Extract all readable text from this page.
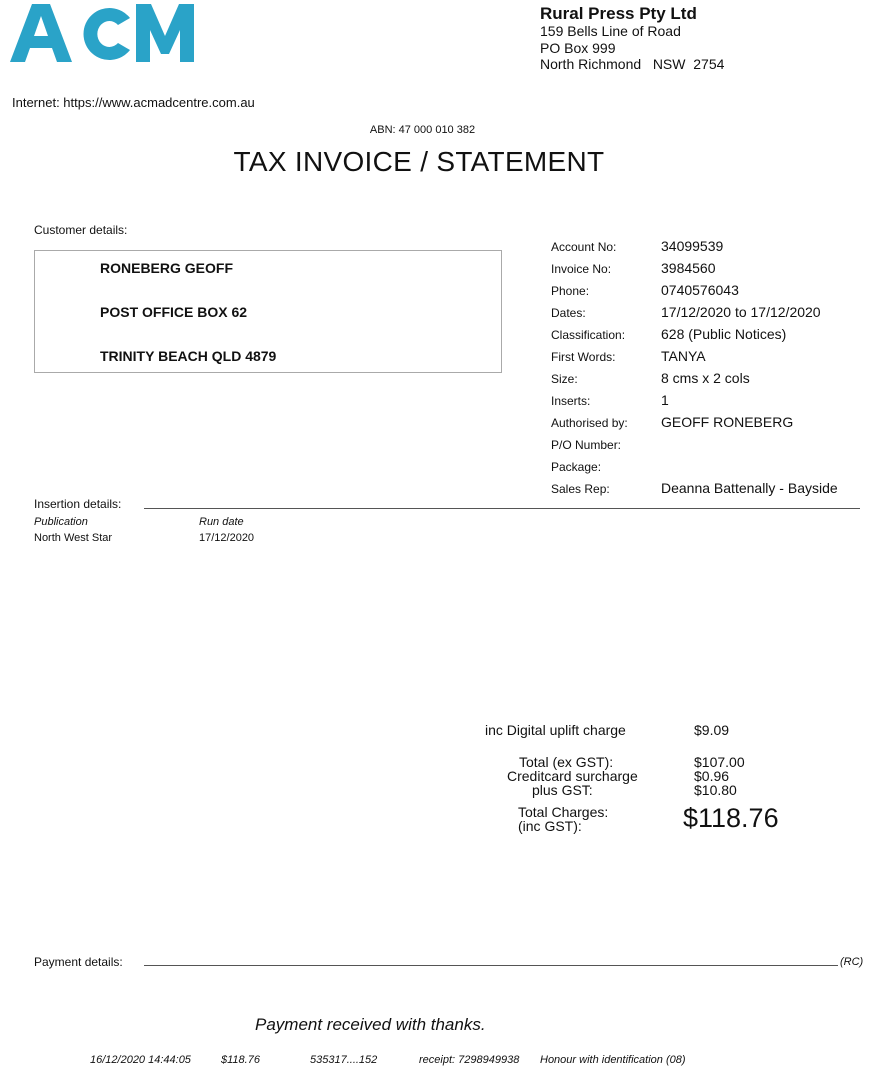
Rural Press Pty Ltd
159 Bells Line of Road
PO Box 999
North Richmond   NSW  2754
Internet: https://www.acmadcentre.com.au
ABN: 47 000 010 382
TAX INVOICE / STATEMENT
Customer details:
RONEBERG GEOFF
POST OFFICE BOX 62
TRINITY BEACH QLD 4879
Account No:	34099539
Invoice No:	3984560
Phone:	0740576043
Dates:	17/12/2020 to 17/12/2020
Classification:	628 (Public Notices)
First Words:	TANYA
Size:	8 cms x 2 cols
Inserts:	1
Authorised by: GEOFF RONEBERG
P/O Number:
Package:
Sales Rep:	Deanna Battenally - Bayside
Insertion details:
Publication	Run date
North West Star	17/12/2020
inc Digital uplift charge	$9.09
Total (ex GST):	$107.00
Creditcard surcharge	$0.96
plus GST:	$10.80
Total Charges:
(inc GST):	$118.76
Payment details:	(RC)
Payment received with thanks.
16/12/2020 14:44:05	$118.76	535317....152	receipt: 7298949938 Honour with identification (08)
